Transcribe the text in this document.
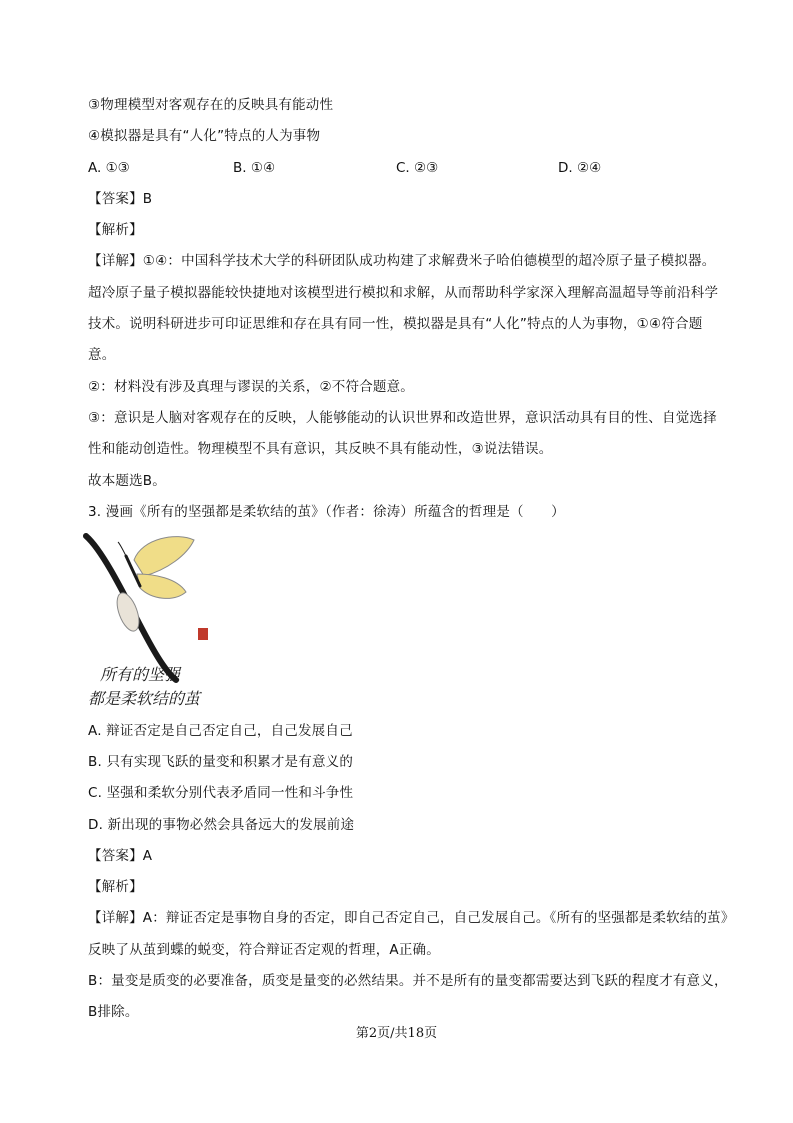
③物理模型对客观存在的反映具有能动性
④模拟器是具有“人化”特点的人为事物
A. ①③	B. ①④	C. ②③	D. ②④
【答案】B
【解析】
【详解】①④：中国科学技术大学的科研团队成功构建了求解费米子哈伯德模型的超冷原子量子模拟器。
超冷原子量子模拟器能较快捷地对该模型进行模拟和求解，从而帮助科学家深入理解高温超导等前沿科学
技术。说明科研进步可印证思维和存在具有同一性，模拟器是具有“人化”特点的人为事物，①④符合题
意。
②：材料没有涉及真理与谬误的关系，②不符合题意。
③：意识是人脑对客观存在的反映，人能够能动的认识世界和改造世界，意识活动具有目的性、自觉选择
性和能动创造性。物理模型不具有意识，其反映不具有能动性，③说法错误。
故本题选B。
3. 漫画《所有的坚强都是柔软结的茧》（作者：徐涛）所蕴含的哲理是（　　）
所有的坚强
都是柔软结的茧
A. 辩证否定是自己否定自己，自己发展自己
B. 只有实现飞跃的量变和积累才是有意义的
C. 坚强和柔软分别代表矛盾同一性和斗争性
D. 新出现的事物必然会具备远大的发展前途
【答案】A
【解析】
【详解】A：辩证否定是事物自身的否定，即自己否定自己，自己发展自己。《所有的坚强都是柔软结的茧》
反映了从茧到蝶的蜕变，符合辩证否定观的哲理，A正确。
B：量变是质变的必要准备，质变是量变的必然结果。并不是所有的量变都需要达到飞跃的程度才有意义，
B排除。
第2页/共18页
